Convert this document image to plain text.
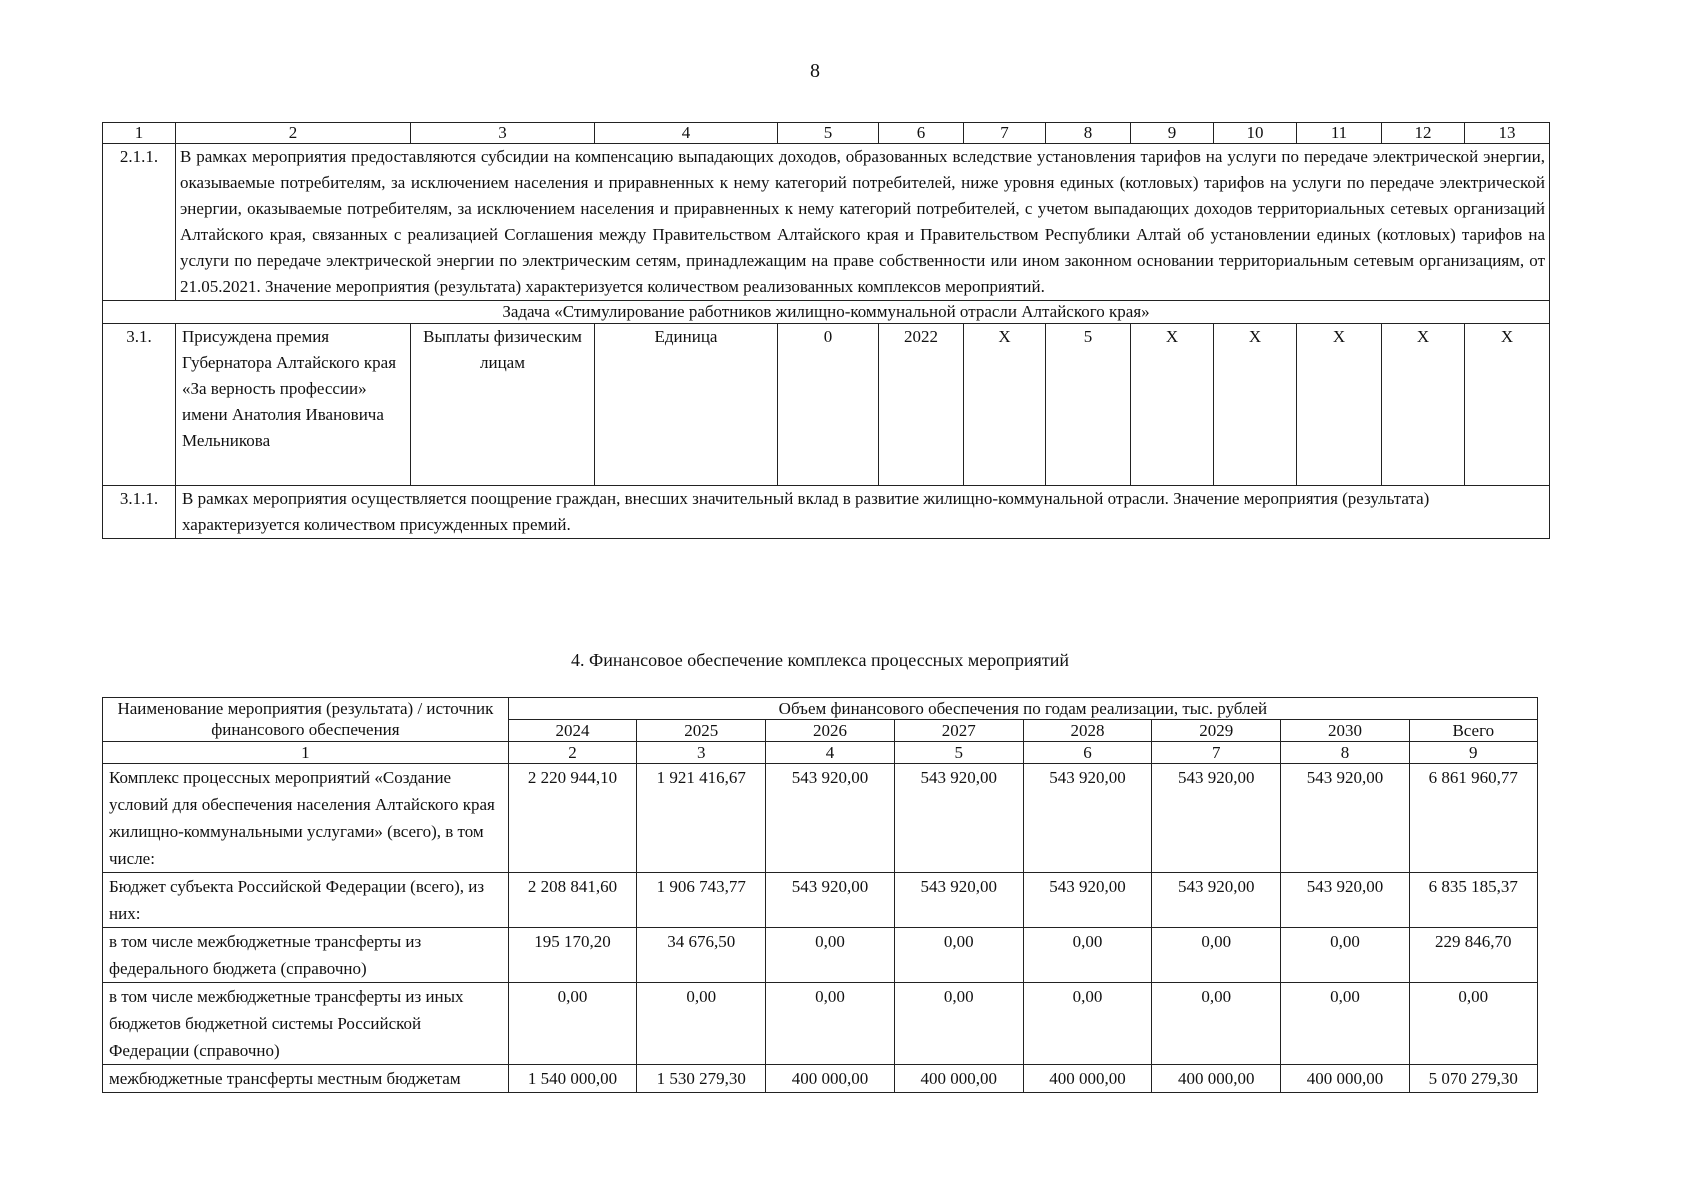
8
1	2	3	4	5	6	7	8	9	10	11	12	13
2.1.1.	В рамках мероприятия предоставляются субсидии на компенсацию выпадающих доходов, образованных вследствие установления тарифов на услуги по передаче электрической энергии, оказываемые потребителям, за исключением населения и приравненных к нему категорий потребителей, ниже уровня единых (котловых) тарифов на услуги по передаче электрической энергии, оказываемые потребителям, за исключением населения и приравненных к нему категорий потребителей, с учетом выпадающих доходов территориальных сетевых организаций Алтайского края, связанных с реализацией Соглашения между Правительством Алтайского края и Правительством Республики Алтай об установлении единых (котловых) тарифов на услуги по передаче электрической энергии по электрическим сетям, принадлежащим на праве собственности или ином законном основании территориальным сетевым организациям, от 21.05.2021. Значение мероприятия (результата) характеризуется количеством реализованных комплексов мероприятий.											
Задача «Стимулирование работников жилищно-коммунальной отрасли Алтайского края»												
3.1.	Присуждена премия Губернатора Алтайского края «За верность профессии» имени Анатолия Ивановича Мельникова	Выплаты физическим лицам	Единица	0	2022	X	5	X	X	X	X	X
3.1.1.	В рамках мероприятия осуществляется поощрение граждан, внесших значительный вклад в развитие жилищно-коммунальной отрасли. Значение мероприятия (результата) характеризуется количеством присужденных премий.											
4. Финансовое обеспечение комплекса процессных мероприятий
Наименование мероприятия (результата) / источник финансового обеспечения	Объем финансового обеспечения по годам реализации, тыс. рублей							
	2024	2025	2026	2027	2028	2029	2030	Всего
1	2	3	4	5	6	7	8	9
Комплекс процессных мероприятий «Создание условий для обеспечения населения Алтайского края жилищно-коммунальными услугами» (всего), в том числе:	2 220 944,10	1 921 416,67	543 920,00	543 920,00	543 920,00	543 920,00	543 920,00	6 861 960,77
Бюджет субъекта Российской Федерации (всего), из них:	2 208 841,60	1 906 743,77	543 920,00	543 920,00	543 920,00	543 920,00	543 920,00	6 835 185,37
в том числе межбюджетные трансферты из федерального бюджета (справочно)	195 170,20	34 676,50	0,00	0,00	0,00	0,00	0,00	229 846,70
в том числе межбюджетные трансферты из иных бюджетов бюджетной системы Российской Федерации (справочно)	0,00	0,00	0,00	0,00	0,00	0,00	0,00	0,00
межбюджетные трансферты местным бюджетам	1 540 000,00	1 530 279,30	400 000,00	400 000,00	400 000,00	400 000,00	400 000,00	5 070 279,30
